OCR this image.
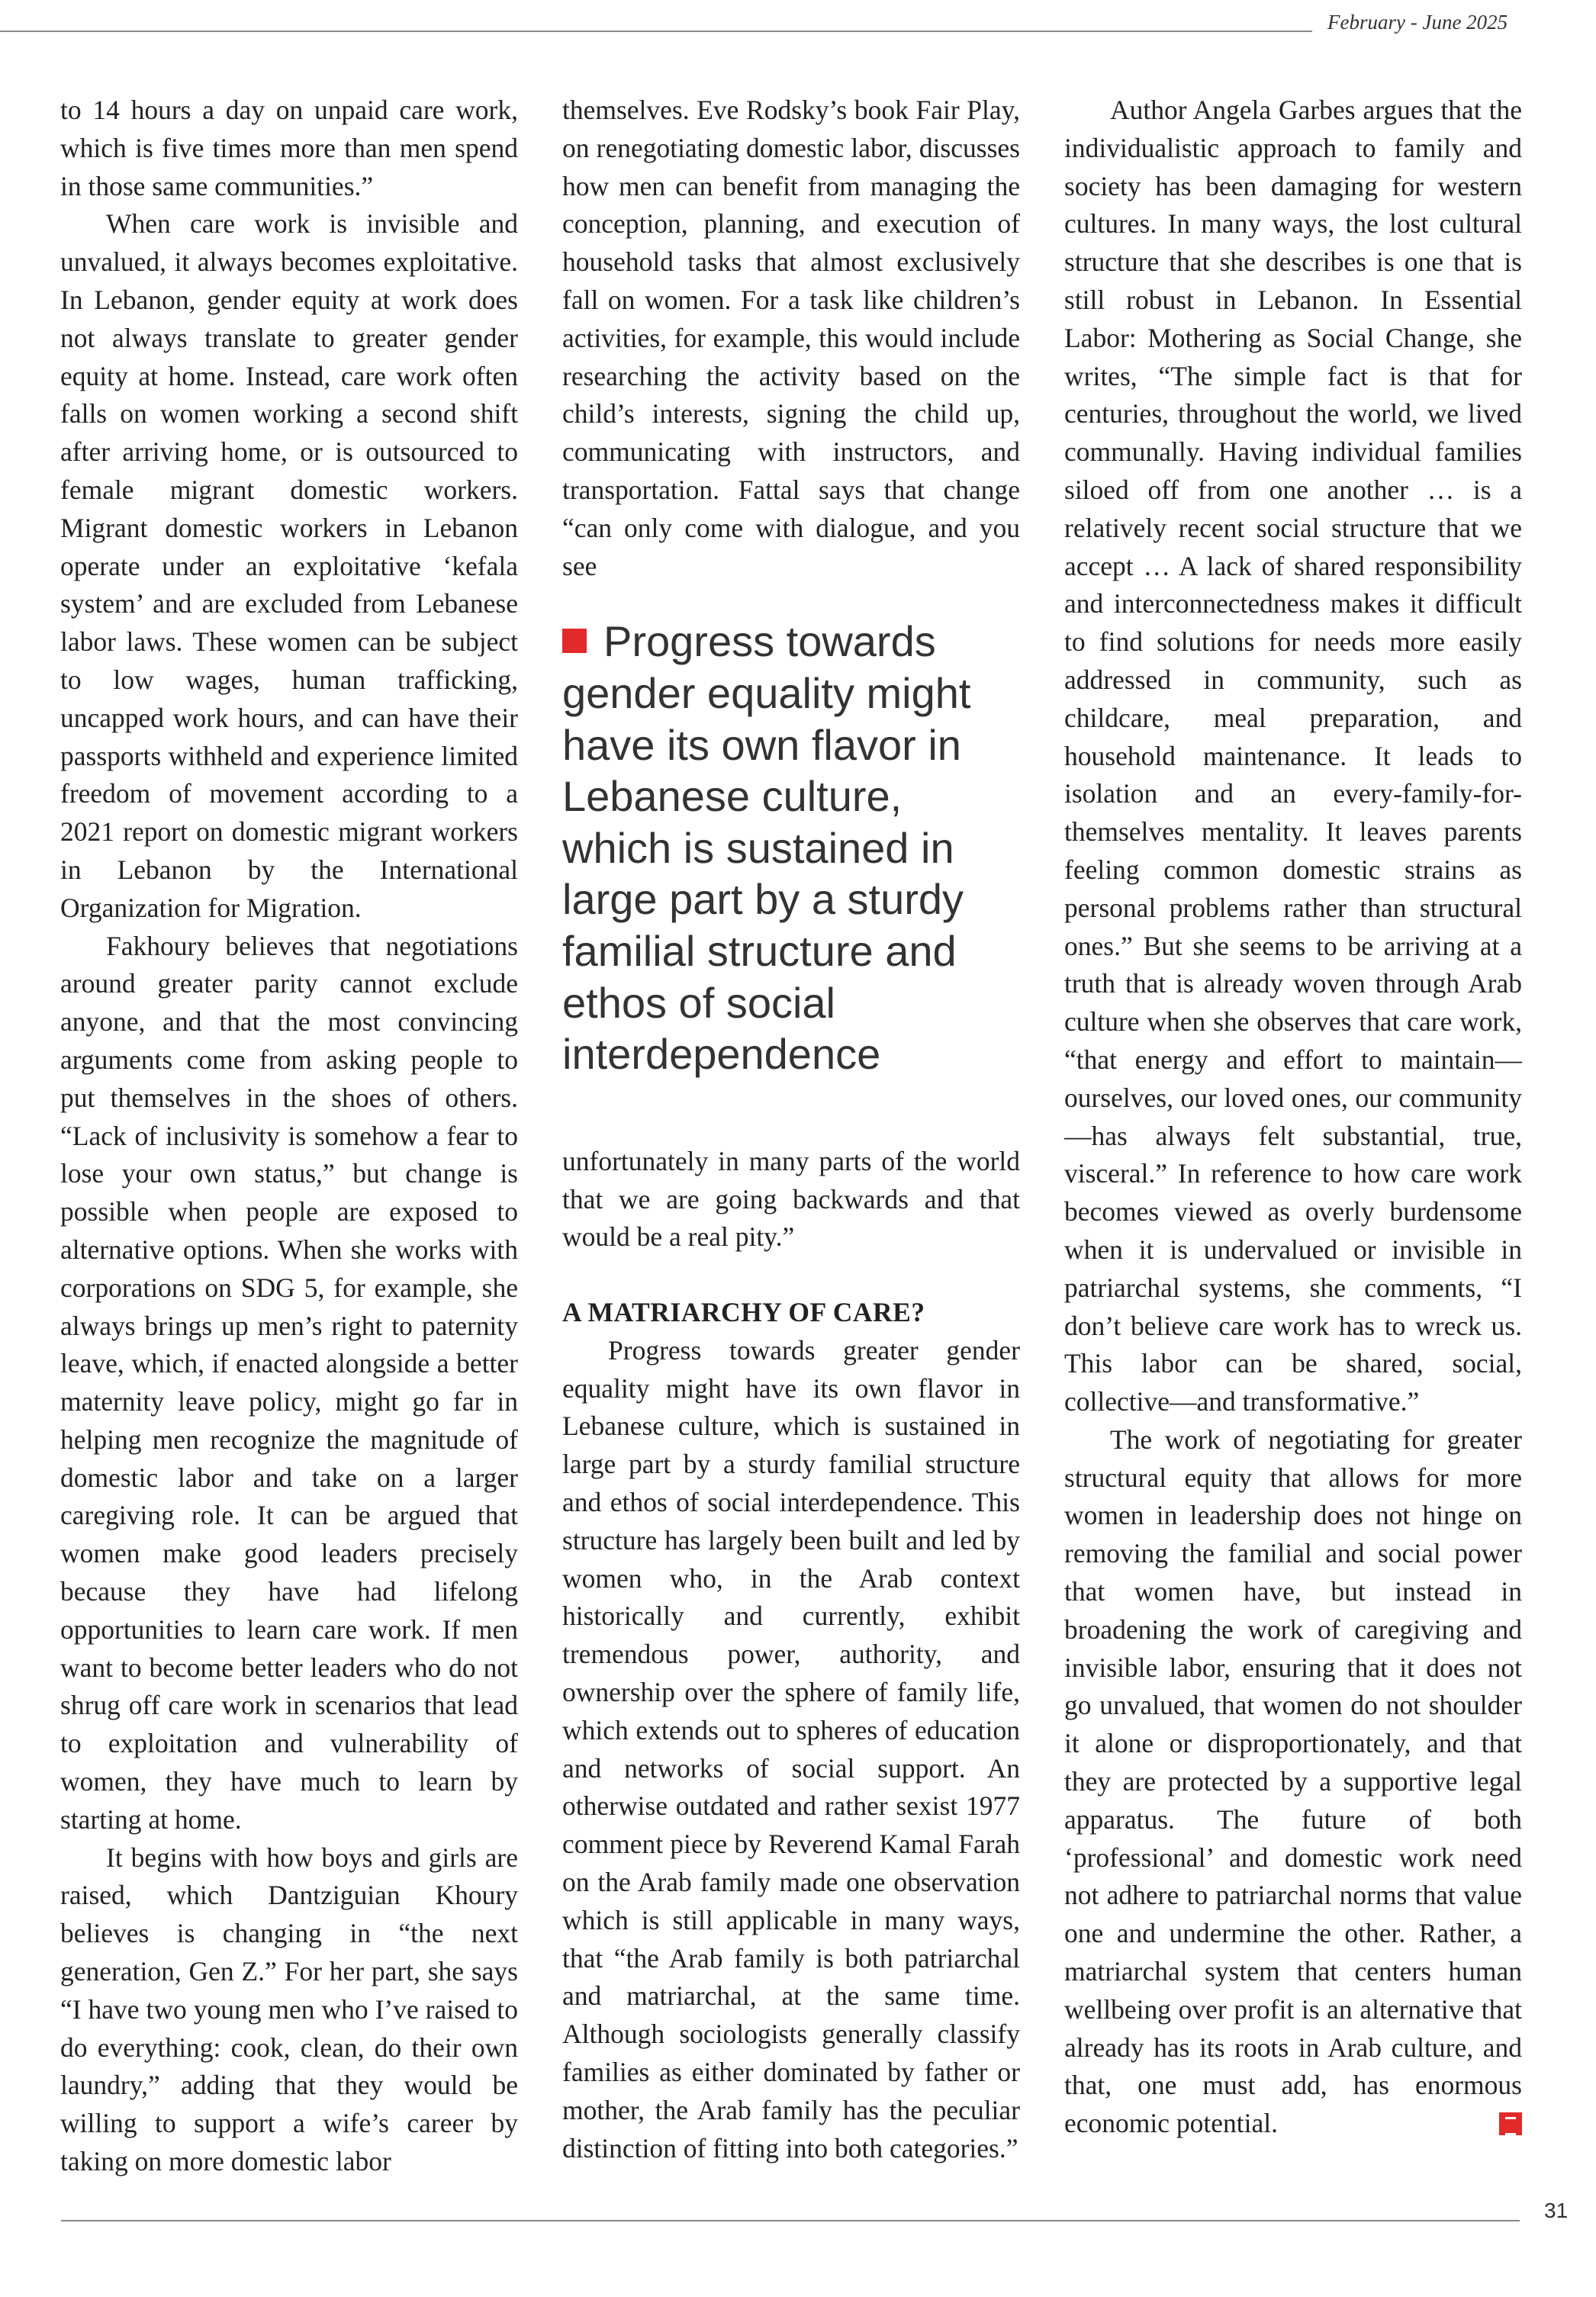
February - June 2025

to 14 hours a day on unpaid care work, which is five times more than men spend in those same communities.”

When care work is invisible and unvalued, it always becomes exploitative. In Lebanon, gender equity at work does not always translate to greater gender equity at home. Instead, care work often falls on women working a second shift after arriving home, or is outsourced to female migrant domestic workers. Migrant domestic workers in Lebanon operate under an exploitative ‘kefala system’ and are excluded from Lebanese labor laws. These women can be subject to low wages, human trafficking, uncapped work hours, and can have their passports withheld and experience limited freedom of movement according to a 2021 report on domestic migrant workers in Lebanon by the International Organization for Migration.

Fakhoury believes that negotiations around greater parity cannot exclude anyone, and that the most convincing arguments come from asking people to put themselves in the shoes of others. “Lack of inclusivity is somehow a fear to lose your own status,” but change is possible when people are exposed to alternative options. When she works with corporations on SDG 5, for example, she always brings up men’s right to paternity leave, which, if enacted alongside a better maternity leave policy, might go far in helping men recognize the magnitude of domestic labor and take on a larger caregiving role. It can be argued that women make good leaders precisely because they have had lifelong opportunities to learn care work. If men want to become better leaders who do not shrug off care work in scenarios that lead to exploitation and vulnerability of women, they have much to learn by starting at home.

It begins with how boys and girls are raised, which Dantziguian Khoury believes is changing in “the next generation, Gen Z.” For her part, she says “I have two young men who I’ve raised to do everything: cook, clean, do their own laundry,” adding that they would be willing to support a wife’s career by taking on more domestic labor

themselves. Eve Rodsky’s book Fair Play, on renegotiating domestic labor, discusses how men can benefit from managing the conception, planning, and execution of household tasks that almost exclusively fall on women. For a task like children’s activities, for example, this would include researching the activity based on the child’s interests, signing the child up, communicating with instructors, and transportation. Fattal says that change “can only come with dialogue, and you see

Progress towards gender equality might have its own flavor in Lebanese culture, which is sustained in large part by a sturdy familial structure and ethos of social interdependence

unfortunately in many parts of the world that we are going backwards and that would be a real pity.”

A MATRIARCHY OF CARE?

Progress towards greater gender equality might have its own flavor in Lebanese culture, which is sustained in large part by a sturdy familial structure and ethos of social interdependence. This structure has largely been built and led by women who, in the Arab context historically and currently, exhibit tremendous power, authority, and ownership over the sphere of family life, which extends out to spheres of education and networks of social support. An otherwise outdated and rather sexist 1977 comment piece by Reverend Kamal Farah on the Arab family made one observation which is still applicable in many ways, that “the Arab family is both patriarchal and matriarchal, at the same time. Although sociologists generally classify families as either dominated by father or mother, the Arab family has the peculiar distinction of fitting into both categories.”

Author Angela Garbes argues that the individualistic approach to family and society has been damaging for western cultures. In many ways, the lost cultural structure that she describes is one that is still robust in Lebanon. In Essential Labor: Mothering as Social Change, she writes, “The simple fact is that for centuries, throughout the world, we lived communally. Having individual families siloed off from one another … is a relatively recent social structure that we accept … A lack of shared responsibility and interconnectedness makes it difficult to find solutions for needs more easily addressed in community, such as childcare, meal preparation, and household maintenance. It leads to isolation and an every-family-for-themselves mentality. It leaves parents feeling common domestic strains as personal problems rather than structural ones.” But she seems to be arriving at a truth that is already woven through Arab culture when she observes that care work, “that energy and effort to maintain—ourselves, our loved ones, our community—has always felt substantial, true, visceral.” In reference to how care work becomes viewed as overly burdensome when it is undervalued or invisible in patriarchal systems, she comments, “I don’t believe care work has to wreck us. This labor can be shared, social, collective—and transformative.”

The work of negotiating for greater structural equity that allows for more women in leadership does not hinge on removing the familial and social power that women have, but instead in broadening the work of caregiving and invisible labor, ensuring that it does not go unvalued, that women do not shoulder it alone or disproportionately, and that they are protected by a supportive legal apparatus. The future of both ‘professional’ and domestic work need not adhere to patriarchal norms that value one and undermine the other. Rather, a matriarchal system that centers human wellbeing over profit is an alternative that already has its roots in Arab culture, and that, one must add, has enormous economic potential.

31
